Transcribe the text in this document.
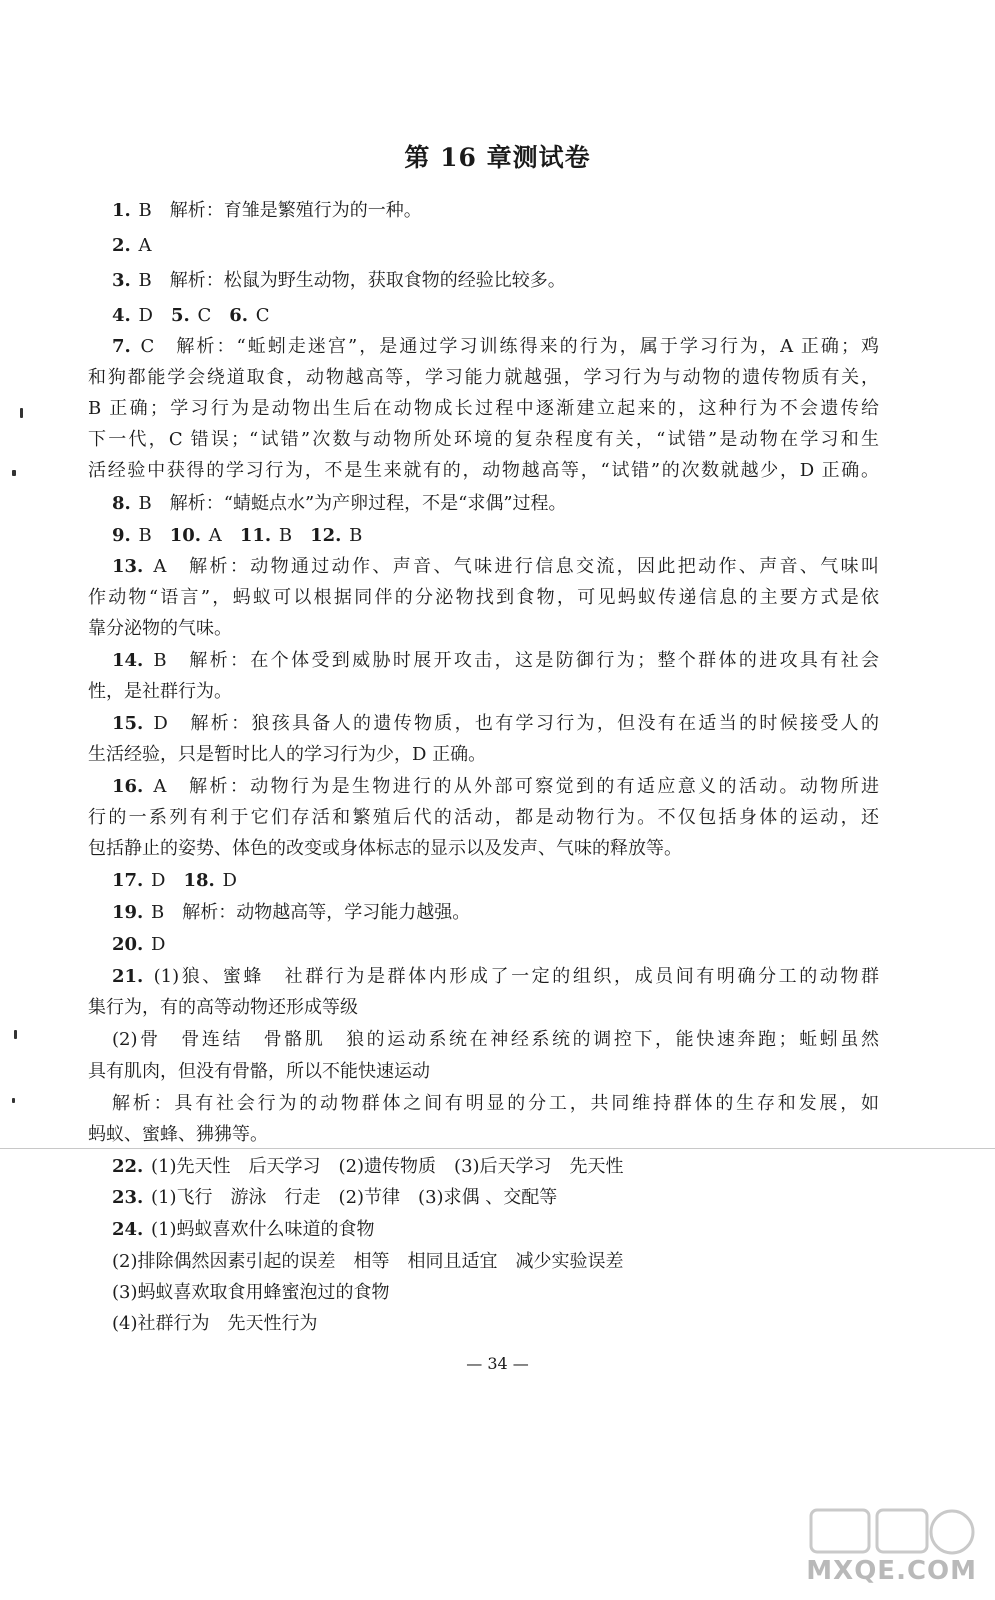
第 16 章测试卷
1. B　解析：育雏是繁殖行为的一种。
2. A
3. B　解析：松鼠为野生动物，获取食物的经验比较多。
4. D　5. C　6. C
7. C　解析：“蚯蚓走迷宫”，是通过学习训练得来的行为，属于学习行为，A 正确；鸡
和狗都能学会绕道取食，动物越高等，学习能力就越强，学习行为与动物的遗传物质有关，
B 正确；学习行为是动物出生后在动物成长过程中逐渐建立起来的，这种行为不会遗传给
下一代，C 错误；“试错”次数与动物所处环境的复杂程度有关，“试错”是动物在学习和生
活经验中获得的学习行为，不是生来就有的，动物越高等，“试错”的次数就越少，D 正确。
8. B　解析：“蜻蜓点水”为产卵过程，不是“求偶”过程。
9. B　10. A　11. B　12. B
13. A　解析：动物通过动作、声音、气味进行信息交流，因此把动作、声音、气味叫
作动物“语言”，蚂蚁可以根据同伴的分泌物找到食物，可见蚂蚁传递信息的主要方式是依
靠分泌物的气味。
14. B　解析：在个体受到威胁时展开攻击，这是防御行为；整个群体的进攻具有社会
性，是社群行为。
15. D　解析：狼孩具备人的遗传物质，也有学习行为，但没有在适当的时候接受人的
生活经验，只是暂时比人的学习行为少，D 正确。
16. A　解析：动物行为是生物进行的从外部可察觉到的有适应意义的活动。动物所进
行的一系列有利于它们存活和繁殖后代的活动，都是动物行为。不仅包括身体的运动，还
包括静止的姿势、体色的改变或身体标志的显示以及发声、气味的释放等。
17. D　18. D
19. B　解析：动物越高等，学习能力越强。
20. D
21. (1)狼、蜜蜂　社群行为是群体内形成了一定的组织，成员间有明确分工的动物群
集行为，有的高等动物还形成等级
(2)骨　骨连结　骨骼肌　狼的运动系统在神经系统的调控下，能快速奔跑；蚯蚓虽然
具有肌肉，但没有骨骼，所以不能快速运动
解析：具有社会行为的动物群体之间有明显的分工，共同维持群体的生存和发展，如
蚂蚁、蜜蜂、狒狒等。
22. (1)先天性　后天学习　(2)遗传物质　(3)后天学习　先天性
23. (1)飞行　游泳　行走　(2)节律　(3)求偶 、交配等
24. (1)蚂蚁喜欢什么味道的食物
(2)排除偶然因素引起的误差　相等　相同且适宜　减少实验误差
(3)蚂蚁喜欢取食用蜂蜜泡过的食物
(4)社群行为　先天性行为
— 34 —
MXQE.COM
